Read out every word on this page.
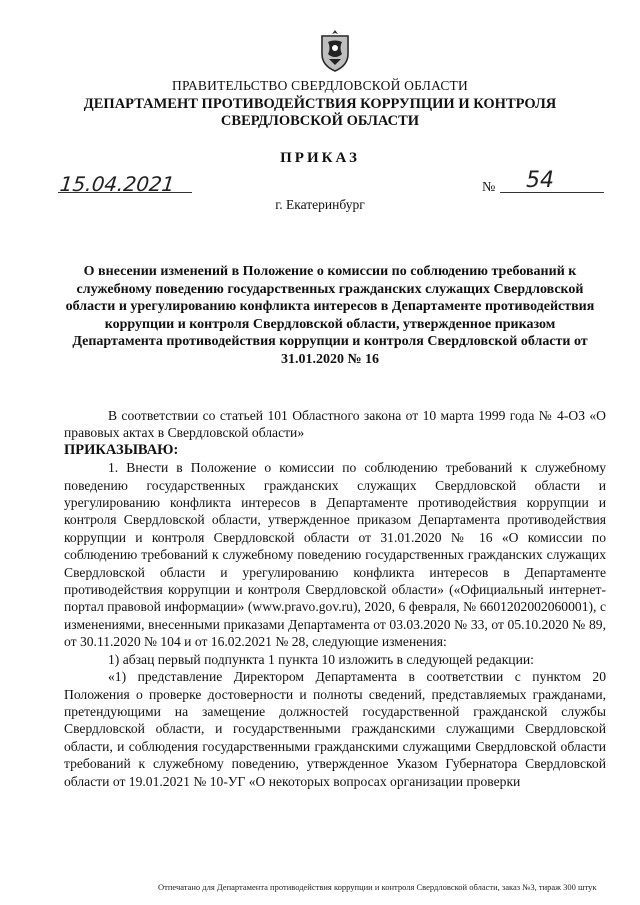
ПРАВИТЕЛЬСТВО СВЕРДЛОВСКОЙ ОБЛАСТИ
ДЕПАРТАМЕНТ ПРОТИВОДЕЙСТВИЯ КОРРУПЦИИ И КОНТРОЛЯ СВЕРДЛОВСКОЙ ОБЛАСТИ
ПРИКАЗ
15.04.2021	№ 54
г. Екатеринбург
О внесении изменений в Положение о комиссии по соблюдению требований к служебному поведению государственных гражданских служащих Свердловской области и урегулированию конфликта интересов в Департаменте противодействия коррупции и контроля Свердловской области, утвержденное приказом Департамента противодействия коррупции и контроля Свердловской области от 31.01.2020 № 16

В соответствии со статьей 101 Областного закона от 10 марта 1999 года № 4-ОЗ «О правовых актах в Свердловской области»

ПРИКАЗЫВАЮ:

1. Внести в Положение о комиссии по соблюдению требований к служебному поведению государственных гражданских служащих Свердловской области и урегулированию конфликта интересов в Департаменте противодействия коррупции и контроля Свердловской области, утвержденное приказом Департамента противодействия коррупции и контроля Свердловской области от 31.01.2020 № 16 «О комиссии по соблюдению требований к служебному поведению государственных гражданских служащих Свердловской области и урегулированию конфликта интересов в Департаменте противодействия коррупции и контроля Свердловской области» («Официальный интернет-портал правовой информации» (www.pravo.gov.ru), 2020, 6 февраля, № 6601202002060001), с изменениями, внесенными приказами Департамента от 03.03.2020 № 33, от 05.10.2020 № 89, от 30.11.2020 № 104 и от 16.02.2021 № 28, следующие изменения:

1) абзац первый подпункта 1 пункта 10 изложить в следующей редакции:

«1) представление Директором Департамента в соответствии с пунктом 20 Положения о проверке достоверности и полноты сведений, представляемых гражданами, претендующими на замещение должностей государственной гражданской службы Свердловской области, и государственными гражданскими служащими Свердловской области, и соблюдения государственными гражданскими служащими Свердловской области требований к служебному поведению, утвержденное Указом Губернатора Свердловской области от 19.01.2021 № 10-УГ «О некоторых вопросах организации проверки

Отпечатано для Департамента противодействия коррупции и контроля Свердловской области, заказ №3, тираж 300 штук
